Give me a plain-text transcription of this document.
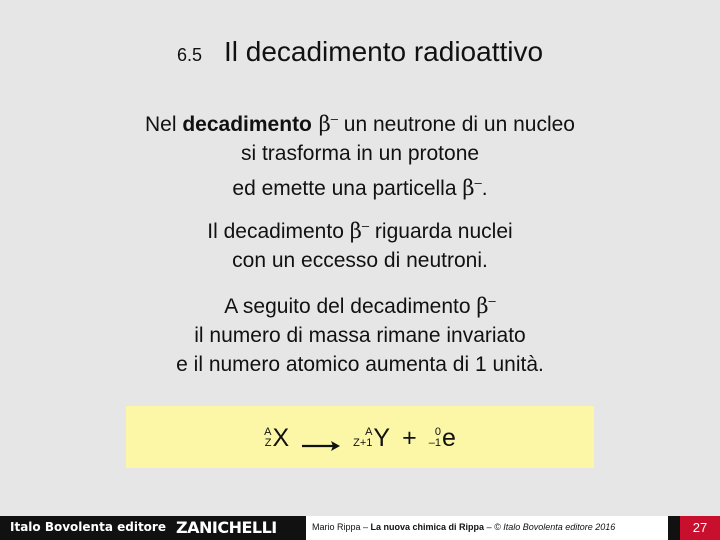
6.5 Il decadimento radioattivo
Nel decadimento β– un neutrone di un nucleo
si trasforma in un protone
ed emette una particella β–.
Il decadimento β– riguarda nuclei
con un eccesso di neutroni.
A seguito del decadimento β–
il numero di massa rimane invariato
e il numero atomico aumenta di 1 unità.
A
Z X → A
Z+1 Y + 0
–1 e
Italo Bovolenta editore ZANICHELLI	Mario Rippa – La nuova chimica di Rippa – © Italo Bovolenta editore 2016	27
